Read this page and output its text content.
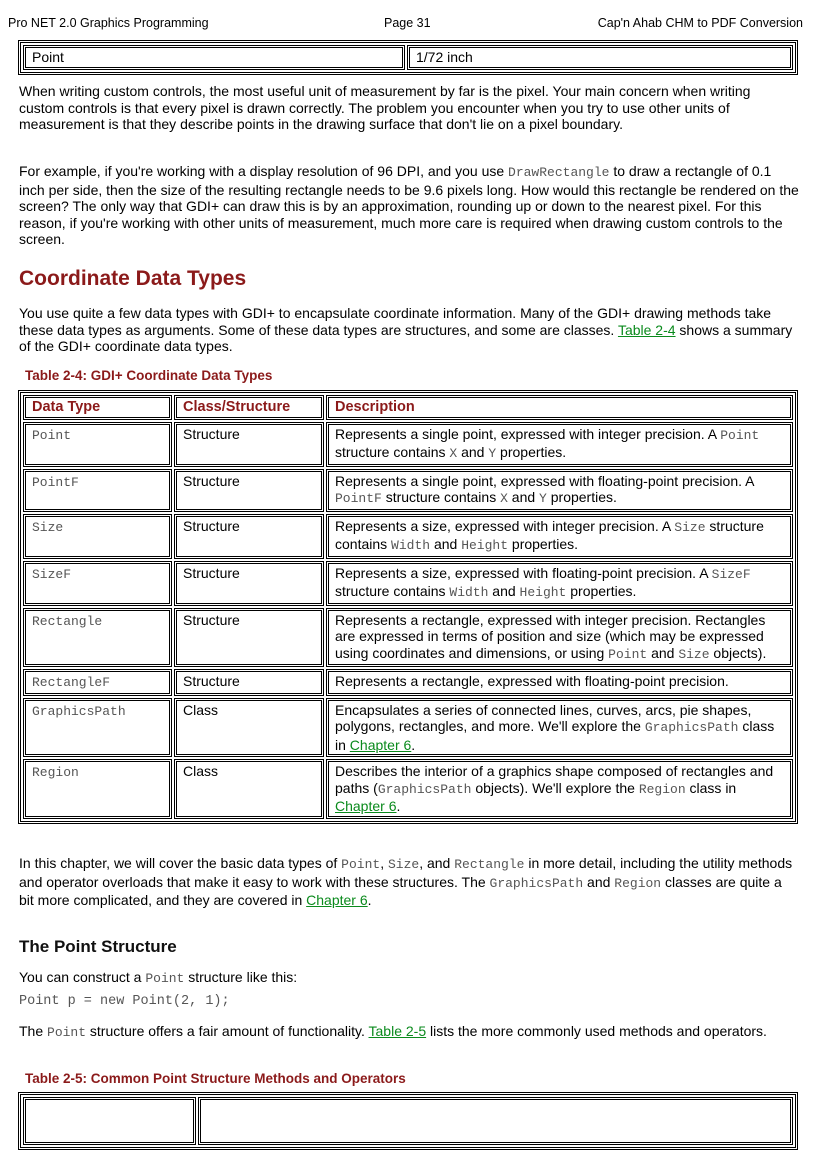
Pro NET 2.0 Graphics Programming	Page 31	Cap'n Ahab CHM to PDF Conversion
Point	1/72 inch

When writing custom controls, the most useful unit of measurement by far is the pixel. Your main concern when writing custom controls is that every pixel is drawn correctly. The problem you encounter when you try to use other units of measurement is that they describe points in the drawing surface that don't lie on a pixel boundary.

For example, if you're working with a display resolution of 96 DPI, and you use DrawRectangle to draw a rectangle of 0.1 inch per side, then the size of the resulting rectangle needs to be 9.6 pixels long. How would this rectangle be rendered on the screen? The only way that GDI+ can draw this is by an approximation, rounding up or down to the nearest pixel. For this reason, if you're working with other units of measurement, much more care is required when drawing custom controls to the screen.

Coordinate Data Types

You use quite a few data types with GDI+ to encapsulate coordinate information. Many of the GDI+ drawing methods take these data types as arguments. Some of these data types are structures, and some are classes. Table 2-4 shows a summary of the GDI+ coordinate data types.

Table 2-4: GDI+ Coordinate Data Types

Data Type	Class/Structure	Description
Point	Structure	Represents a single point, expressed with integer precision. A Point structure contains X and Y properties.
PointF	Structure	Represents a single point, expressed with floating-point precision. A PointF structure contains X and Y properties.
Size	Structure	Represents a size, expressed with integer precision. A Size structure contains Width and Height properties.
SizeF	Structure	Represents a size, expressed with floating-point precision. A SizeF structure contains Width and Height properties.
Rectangle	Structure	Represents a rectangle, expressed with integer precision. Rectangles are expressed in terms of position and size (which may be expressed using coordinates and dimensions, or using Point and Size objects).
RectangleF	Structure	Represents a rectangle, expressed with floating-point precision.
GraphicsPath	Class	Encapsulates a series of connected lines, curves, arcs, pie shapes, polygons, rectangles, and more. We'll explore the GraphicsPath class in Chapter 6.
Region	Class	Describes the interior of a graphics shape composed of rectangles and paths (GraphicsPath objects). We'll explore the Region class in Chapter 6.

In this chapter, we will cover the basic data types of Point, Size, and Rectangle in more detail, including the utility methods and operator overloads that make it easy to work with these structures. The GraphicsPath and Region classes are quite a bit more complicated, and they are covered in Chapter 6.

The Point Structure

You can construct a Point structure like this:

Point p = new Point(2, 1);

The Point structure offers a fair amount of functionality. Table 2-5 lists the more commonly used methods and operators.

Table 2-5: Common Point Structure Methods and Operators
